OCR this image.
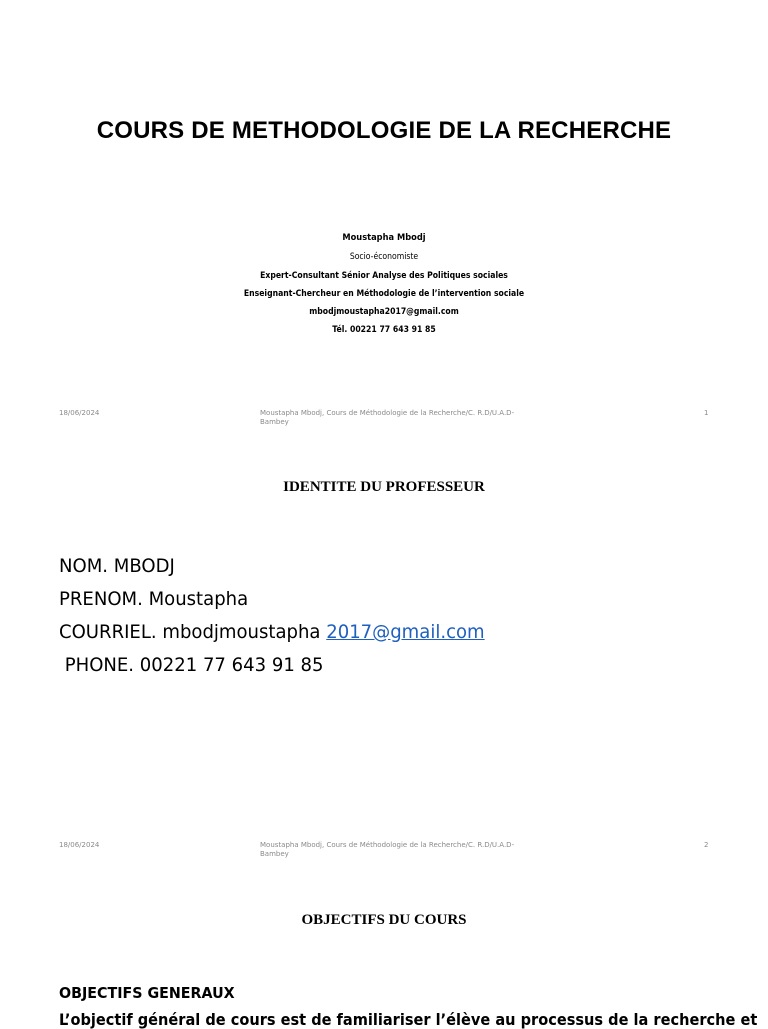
COURS DE METHODOLOGIE DE LA RECHERCHE
Moustapha Mbodj
Socio-économiste
Expert-Consultant Sénior Analyse des Politiques sociales
Enseignant-Chercheur en Méthodologie de l’intervention sociale
mbodjmoustapha2017@gmail.com
Tél. 00221 77 643 91 85
18/06/2024	Moustapha Mbodj, Cours de Méthodologie de la Recherche/C. R.D/U.A.D-Bambey
1
IDENTITE DU PROFESSEUR
NOM. MBODJ
PRENOM. Moustapha
COURRIEL. mbodjmoustapha 2017@gmail.com
PHONE. 00221 77 643 91 85
18/06/2024	Moustapha Mbodj, Cours de Méthodologie de la Recherche/C. R.D/U.A.D-Bambey
2
OBJECTIFS DU COURS
OBJECTIFS GENERAUX
L’objectif général de cours est de familiariser l’élève au processus de la recherche et
